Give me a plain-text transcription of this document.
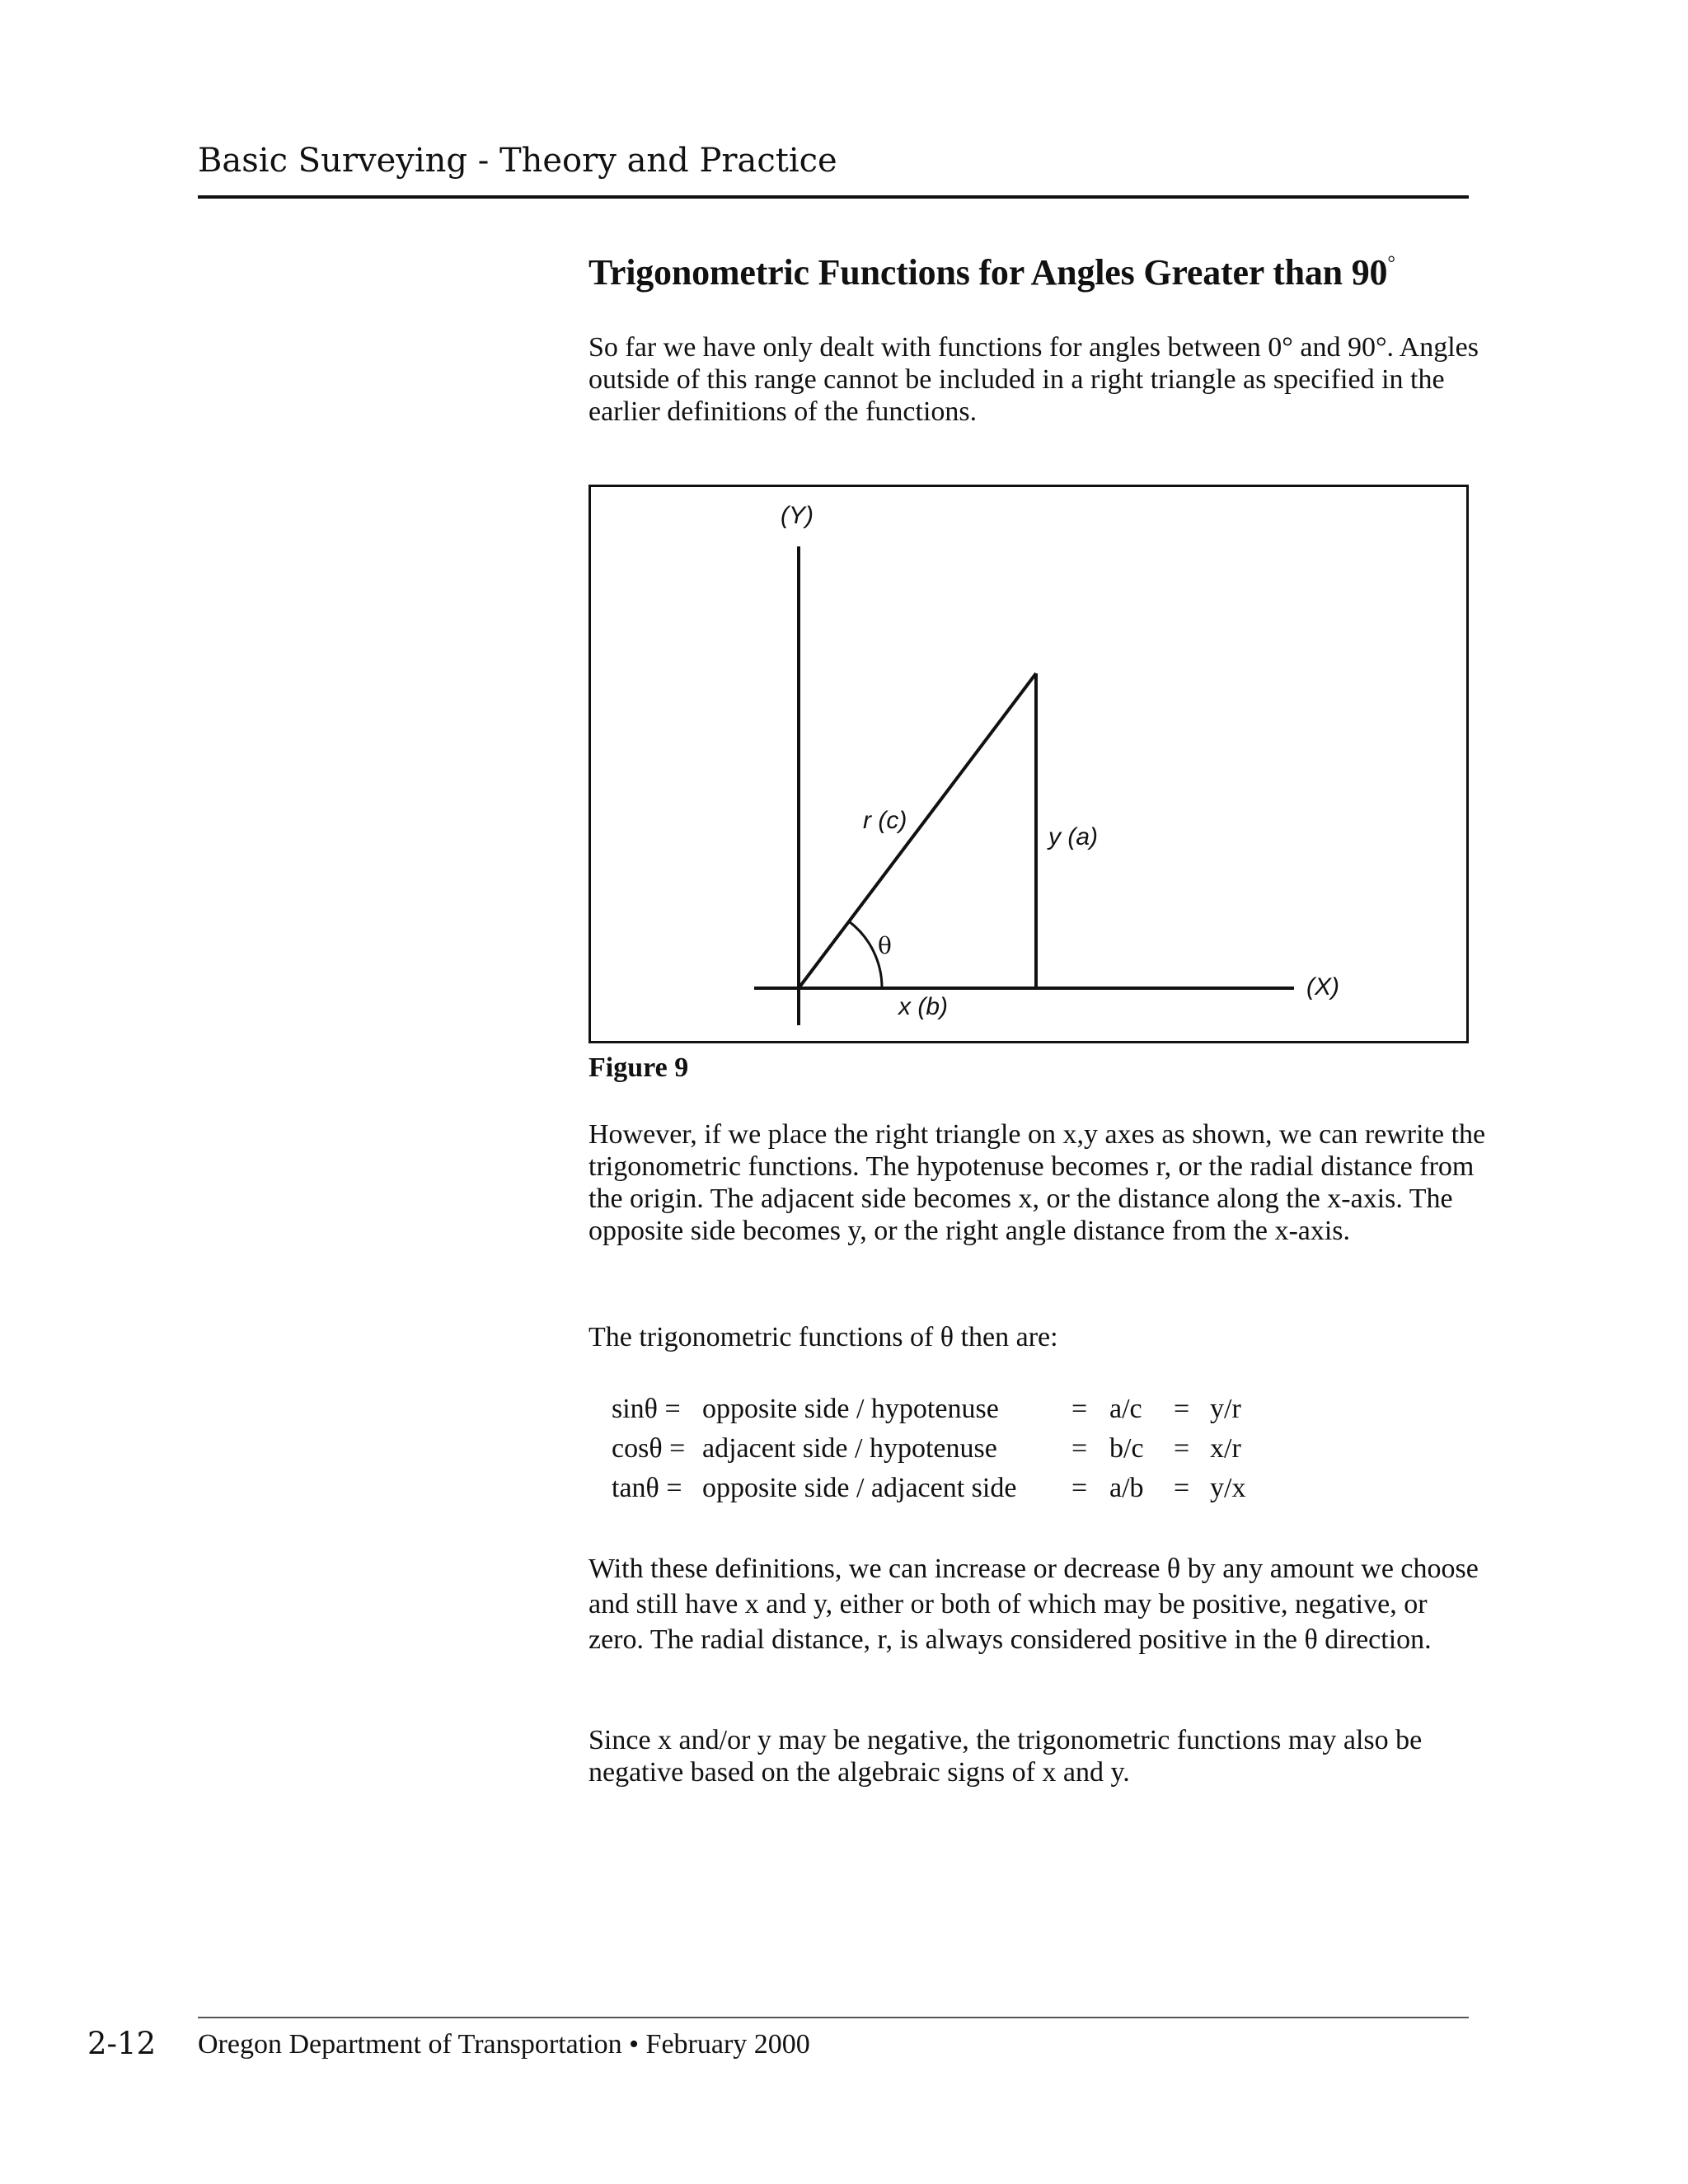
Basic Surveying - Theory and Practice
Trigonometric Functions for Angles Greater than 90°
So far we have only dealt with functions for angles between 0° and 90°. Angles outside of this range cannot be included in a right triangle as specified in the earlier definitions of the functions.
(Y)
(X)
r (c)
y (a)
x (b)
θ
Figure 9
However, if we place the right triangle on x,y axes as shown, we can rewrite the trigonometric functions. The hypotenuse becomes r, or the radial distance from the origin. The adjacent side becomes x, or the distance along the x-axis. The opposite side becomes y, or the right angle distance from the x-axis.
The trigonometric functions of θ then are:
sinθ = opposite side / hypotenuse	= a/c = y/r
cosθ = adjacent side / hypotenuse	= b/c = x/r
tanθ = opposite side / adjacent side = a/b = y/x
With these definitions, we can increase or decrease θ by any amount we choose and still have x and y, either or both of which may be positive, negative, or zero. The radial distance, r, is always considered positive in the θ direction.
Since x and/or y may be negative, the trigonometric functions may also be negative based on the algebraic signs of x and y.
2-12 Oregon Department of Transportation • February 2000
